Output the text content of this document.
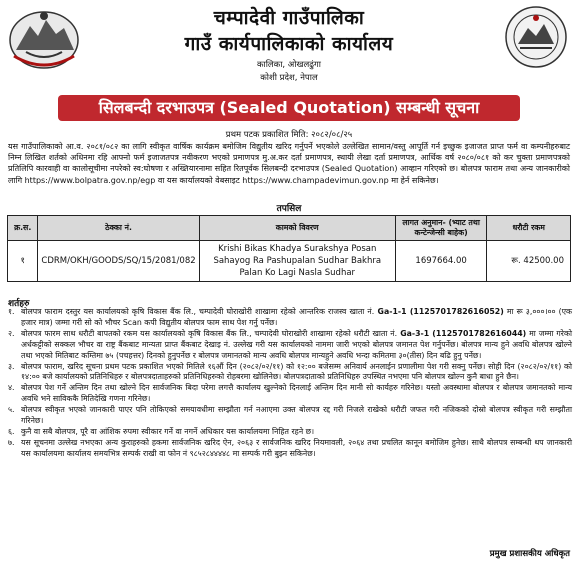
चम्पादेवी गाउँपालिका
गाउँ कार्यपालिकाको कार्यालय
कालिका, ओखलढुंगा
कोशी प्रदेश, नेपाल
सिलबन्दी दरभाउपत्र (Sealed Quotation) सम्बन्धी सूचना
प्रथम पटक प्रकाशित मिति: २०८२/०८/२५
यस गाउँपालिकाको आ.व. २०८१/०८२ का लागि स्वीकृत वार्षिक कार्यक्रम बमोजिम विद्युतीय खरिद गर्नुपर्ने भएकोले उल्लेखित सामान/वस्तु आपूर्ति गर्न इच्छुक इजाजत प्राप्त फर्म वा कम्पनीहरुबाट निम्न लिखित शर्तको अधिनमा रहि आफ्नो फर्म इजाजतपत्र नवीकरण भएको प्रमाणपत्र मु.अ.कर दर्ता प्रमाणपत्र, स्थायी लेखा दर्ता प्रमाणपत्र, आर्थिक वर्ष २०८०/०८१ को कर चुक्ता प्रमाणपत्रको प्रतिलिपि कारवाही वा कालोसूचीमा नपरेको स्व:घोषणा र अख्तियारनामा सहित रितपूर्वक सिलबन्दी दरभाउपत्र (Sealed Quotation) आव्हान गरिएको छ। बोलपत्र फाराम तथा अन्य जानकारीको लागि https://www.bolpatra.gov.np/egp वा यस कार्यालयको वेबसाइट https://www.champadevimun.gov.np मा हेर्न सकिनेछ।
तपसिल
क्र.स.	ठेक्का नं.	कामको विवरण	लागत अनुमान- (भ्याट तथा कन्टेन्जेन्सी बाहेक)	धरौटी रकम
१	CDRM/OKH/GOODS/SQ/15/2081/082	Krishi Bikas Khadya Surakshya Posan Sahayog Ra Pashupalan Sudhar Bakhra Palan Ko Lagi Nasla Sudhar	1697664.00	रू. 42500.00
शर्तहरु
१. बोलपत्र फाराम दस्तुर यस कार्यालयको कृषि विकास बैंक लि., चम्पादेवी घोराखोरी शाखामा रहेको आन्तरिक राजस्व खाता नं. Ga-1-1 (1125701782616052) मा रू ३,०००।०० (एक हजार मात्र) जम्मा गरी सो को भौचर Scan कपी विद्युतीय बोलपत्र फाम साथ पेश गर्नु पर्नेछ।
२. बोलपत्र फारम साथ धरौटी बापतको रकम यस कार्यालयको कृषि विकास बैंक लि., चम्पादेवी घोराखोरी शाखामा रहेको धरौटी खाता नं. Ga-3-1 (1125701782616044) मा जम्मा गरेको अर्धकट्टीको सक्कल भौचर वा राष्ट्र बैंकबाट मान्यता प्राप्त बैंकबाट देखाइ नं. उल्लेख गरी यस कार्यालयको नाममा जारी भएको बोलपत्र जमानत पेश गर्नुपर्नेछ। बोलपत्र मान्य हुने अवधि बोलपत्र खोल्ने तथा भएको मितिबाट कम्तिमा ७५ (पचहत्तर) दिनको हुनुपर्नेछ र बोलपत्र जमानतको मान्य अवधि बोलपत्र मान्यहुने अवधि भन्दा कमितमा ३०(तीस) दिन बढि हुनु पर्नेछ।
३. बोलपत्र फाराम, खरिद सूचना प्रथम पटक प्रकाशित भएको मितिले १६औं दिन (२०८२/०२/११) को १२:०० बजेसम्म अनिवार्य अनलाईन प्रणालीमा पेश गरी सक्नु पर्नेछ। सोही दिन (२०८२/०२/११) को १४:०० बजे कार्यालयको प्रतिनिधिहरु र बोलपत्रदाताहरुको प्रतिनिधिहरुको रोहबरमा खोलिनेछ। बोलपत्रदाताको प्रतिनिधिहरु उपस्थित नभएमा पनि बोलपत्र खोल्न कुनै बाधा हुने छैन।
४. बोलपत्र पेश गर्ने अन्तिम दिन तथा खोल्ने दिन सार्वजनिक बिदा परेमा लगत्तै कार्यालय खुल्नेको दिनलाई अन्तिम दिन मानी सो कार्यहरु गरिनेछ। यस्तो अवस्थामा बोलपत्र र बोलपत्र जमानतको मान्य अवधि भने साविककै मितिदेखि गणना गरिनेछ।
५. बोलपत्र स्वीकृत भएको जानकारी पाएर पनि तोकिएको समयावधीमा सम्झौता गर्न नआएमा उक्त बोलपत्र रद्द गरी निजले राखेको धरौटी जफत गरी नजिकको दोस्रो बोलपत्र स्वीकृत गरी सम्झौता गरिनेछ।
६. कुनै वा सबै बोलपत्र, पूरै वा आंशिक रुपमा स्वीकार गर्ने वा नगर्ने अधिकार यस कार्यालयमा निहित रहने छ।
७. यस सूचनमा उल्लेख नभएका अन्य कुराहरुको हकमा सार्वजनिक खरिद ऐन, २०६३ र सार्वजनिक खरिद नियमावली, २०६४ तथा प्रचलित कानून बमोजिम हुनेछ। साथै बोलपत्र सम्बन्धी थप जानकारी यस कार्यालयमा कार्यालय समयभित्र सम्पर्क राखी वा फोन नं ९८५२८४४४४८ मा सम्पर्क गरी बुझ्न सकिनेछ।
प्रमुख प्रशासकीय अधिकृत
